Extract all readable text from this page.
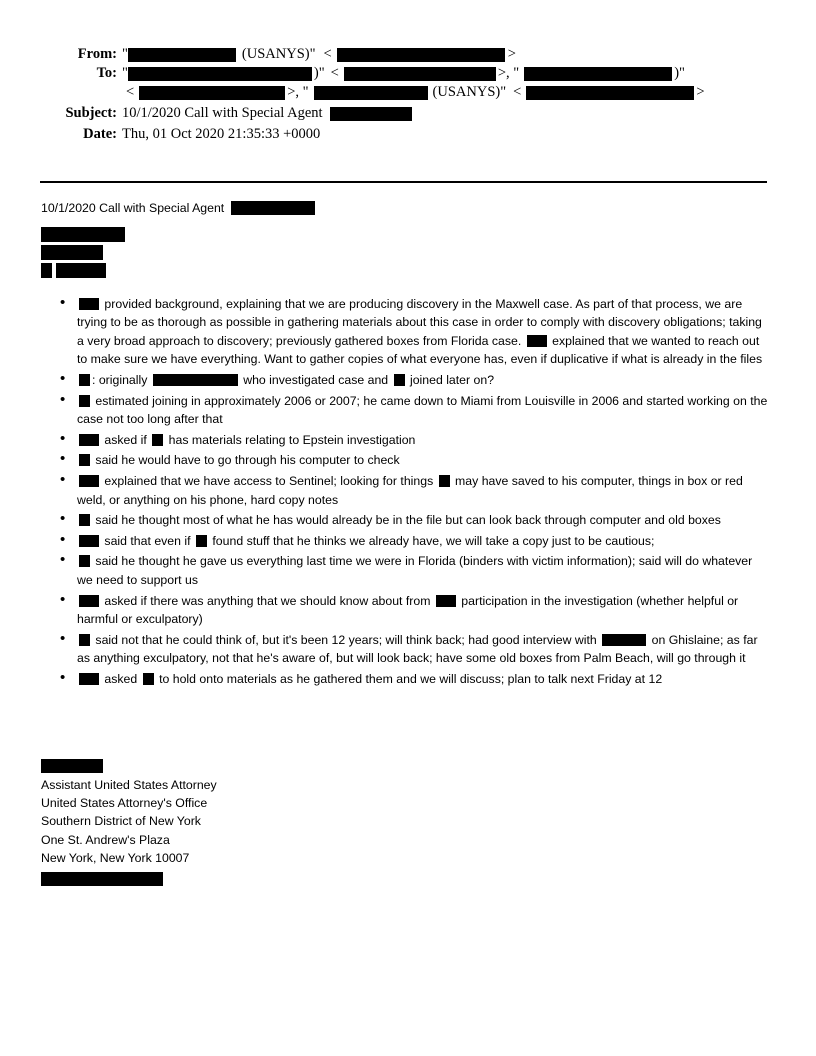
From: "	(USANYS)" <	>
To: "	)" <	>, "	)"
<	>, "	(USANYS)" <	>
Subject: 10/1/2020 Call with Special Agent
Date: Thu, 01 Oct 2020 21:35:33 +0000
10/1/2020 Call with Special Agent
• provided background, explaining that we are producing discovery in the Maxwell case. As part of that process, we are trying to be as thorough as possible in gathering materials about this case in order to comply with discovery obligations; taking a very broad approach to discovery; previously gathered boxes from Florida case.  explained that we wanted to reach out to make sure we have everything. Want to gather copies of what everyone has, even if duplicative if what is already in the files
• : originally	who investigated case and  joined later on?
• estimated joining in approximately 2006 or 2007; he came down to Miami from Louisville in 2006 and started working on the case not too long after that
• asked if  has materials relating to Epstein investigation
• said he would have to go through his computer to check
• explained that we have access to Sentinel; looking for things  may have saved to his computer, things in box or red weld, or anything on his phone, hard copy notes
• said he thought most of what he has would already be in the file but can look back through computer and old boxes
• said that even if  found stuff that he thinks we already have, we will take a copy just to be cautious;
• said he thought he gave us everything last time we were in Florida (binders with victim information); said will do whatever we need to support us
• asked if there was anything that we should know about from  participation in the investigation (whether helpful or harmful or exculpatory)
• said not that he could think of, but it's been 12 years; will think back; had good interview with	on Ghislaine; as far as anything exculpatory, not that he's aware of, but will look back; have some old boxes from Palm Beach, will go through it
• asked  to hold onto materials as he gathered them and we will discuss; plan to talk next Friday at 12
Assistant United States Attorney
United States Attorney's Office
Southern District of New York
One St. Andrew's Plaza
New York, New York 10007
